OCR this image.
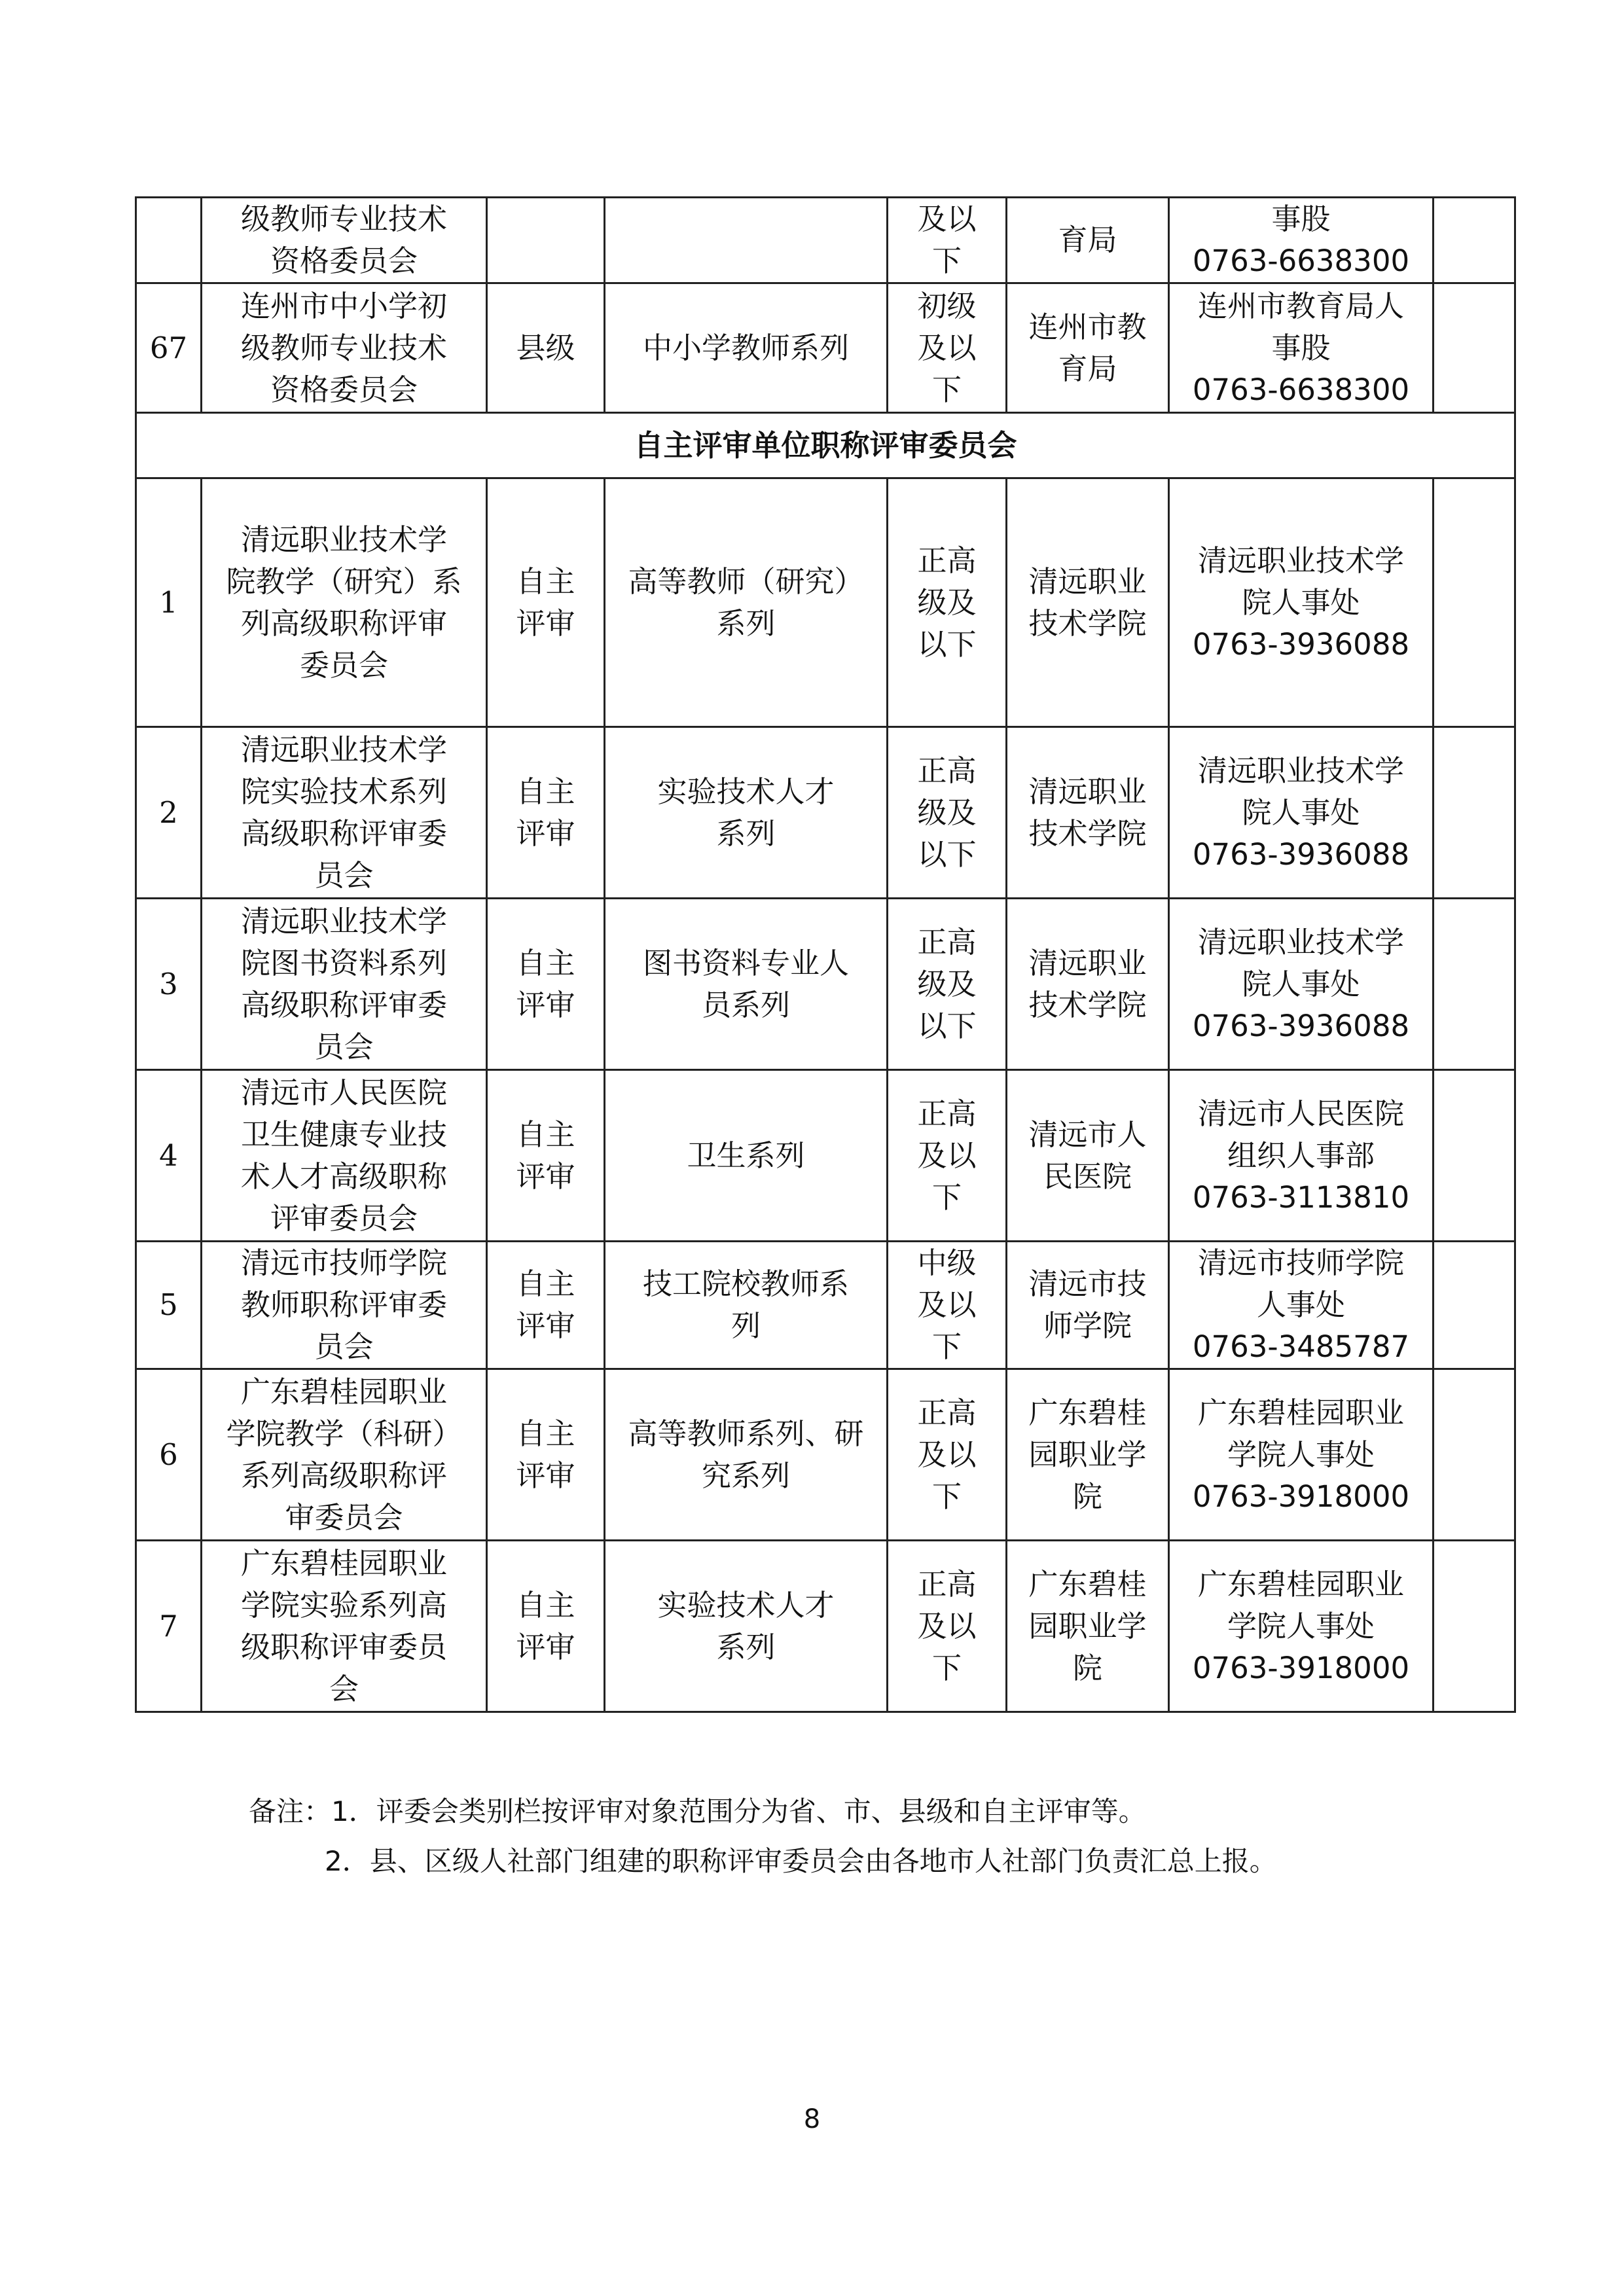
	级教师专业技术
资格委员会			及以
下	育局	事股
0763-6638300	

67	连州市中小学初
级教师专业技术
资格委员会	县级	中小学教师系列	初级
及以
下	连州市教
育局	连州市教育局人
事股
0763-6638300	

自主评审单位职称评审委员会							
1	清远职业技术学
院教学（研究）系
列高级职称评审
委员会	自主
评审	高等教师（研究）
系列	正高
级及
以下	清远职业
技术学院	清远职业技术学
院人事处
0763-3936088	

2	清远职业技术学
院实验技术系列
高级职称评审委
员会	自主
评审	实验技术人才
系列	正高
级及
以下	清远职业
技术学院	清远职业技术学
院人事处
0763-3936088	

3	清远职业技术学
院图书资料系列
高级职称评审委
员会	自主
评审	图书资料专业人
员系列	正高
级及
以下	清远职业
技术学院	清远职业技术学
院人事处
0763-3936088	

4	清远市人民医院
卫生健康专业技
术人才高级职称
评审委员会	自主
评审	卫生系列	正高
及以
下	清远市人
民医院	清远市人民医院
组织人事部
0763-3113810	

5	清远市技师学院
教师职称评审委
员会	自主
评审	技工院校教师系
列	中级
及以
下	清远市技
师学院	清远市技师学院
人事处
0763-3485787	

6	广东碧桂园职业
学院教学（科研）
系列高级职称评
审委员会	自主
评审	高等教师系列、研
究系列	正高
及以
下	广东碧桂
园职业学
院	广东碧桂园职业
学院人事处
0763-3918000	

7	广东碧桂园职业
学院实验系列高
级职称评审委员
会	自主
评审	实验技术人才
系列	正高
及以
下	广东碧桂
园职业学
院	广东碧桂园职业
学院人事处
0763-3918000	

备注：1．评委会类别栏按评审对象范围分为省、市、县级和自主评审等。
2．县、区级人社部门组建的职称评审委员会由各地市人社部门负责汇总上报。
8
